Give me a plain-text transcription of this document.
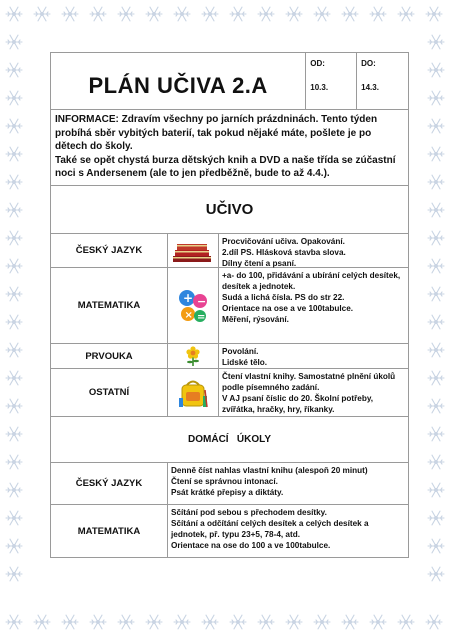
PLÁN UČIVA 2.A
OD:
10.3.
DO:
14.3.

INFORMACE: Zdravím všechny po jarních prázdninách. Tento týden probíhá sběr vybitých baterií, tak pokud nějaké máte, pošlete je po dětech do školy.

Také se opět chystá burza dětských knih a DVD a naše třída se zúčastní noci s Andersenem (ale to jen předběžně, bude to až 4.4.).

UČIVO
ČESKÝ JAZYK
Procvičování učiva. Opakování.
2.díl PS. Hlásková stavba slova.
Dílny čtení a psaní.
MATEMATIKA
+ −
× =
+a- do 100, přidávání a ubírání celých desítek, desítek a jednotek.
Sudá a lichá čísla. PS do str 22.
Orientace na ose a ve 100tabulce.
Měření, rýsování.
PRVOUKA	Povolání.
Lidské tělo.
OSTATNÍ
Čtení vlastní knihy. Samostatné plnění úkolů podle písemného zadání.
V AJ psaní číslic do 20. Školní potřeby, zvířátka, hračky, hry, říkanky.
DOMÁCÍ   ÚKOLY
ČESKÝ JAZYK
Denně číst nahlas vlastní knihu (alespoň 20 minut)
Čtení se správnou intonací.
Psát krátké přepisy a diktáty.
MATEMATIKA
Sčítání pod sebou s přechodem desítky.
Sčítání a odčítání celých desítek a celých desítek a jednotek, př. typu 23+5, 78-4, atd.
Orientace na ose do 100 a ve 100tabulce.
